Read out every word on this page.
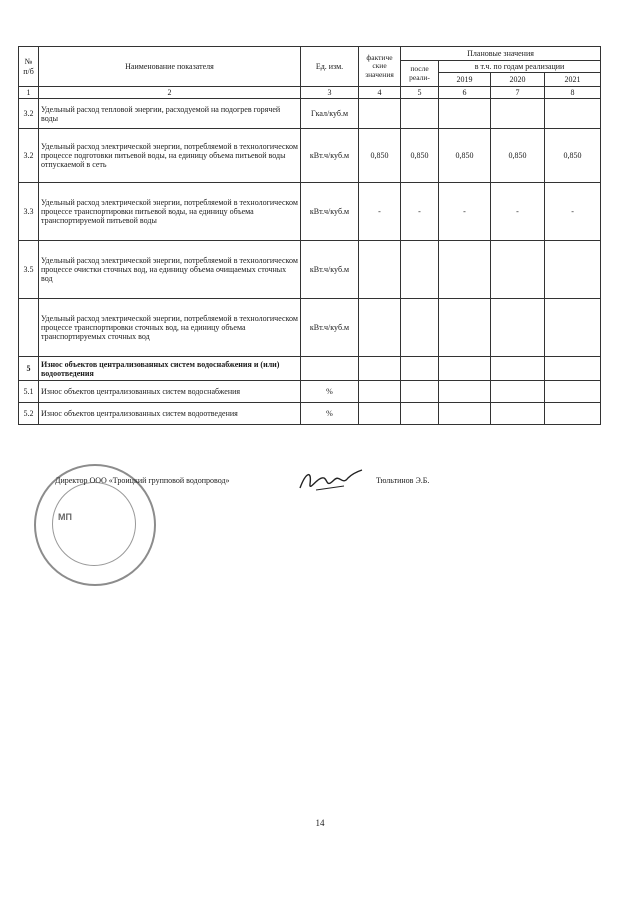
№ п/б	Наименование показателя	Ед. изм.	фактиче ские значения	Плановые значения			
				после реали-	в т.ч. по годам реализации		
					2019	2020	2021
1	2	3	4	5	6	7	8
3.2	Удельный расход тепловой энергии, расходуемой на подогрев горячей воды	Гкал/куб.м					
3.2	Удельный расход электрической энергии, потребляемой в технологическом процессе подготовки питьевой воды, на единицу объема питьевой воды отпускаемой в сеть	кВт.ч/куб.м	0,850	0,850	0,850	0,850	0,850
3.3	Удельный расход электрической энергии, потребляемой в технологическом процессе транспортировки питьевой воды, на единицу объема транспортируемой питьевой воды	кВт.ч/куб.м	-	-	-	-	-
3.5	Удельный расход электрической энергии, потребляемой в технологическом процессе очистки сточных вод, на единицу объема очищаемых сточных вод	кВт.ч/куб.м					
	Удельный расход электрической энергии, потребляемой в технологическом процессе транспортировки сточных вод, на единицу объема транспортируемых сточных вод	кВт.ч/куб.м					
5	Износ объектов централизованных систем водоснабжения и (или) водоотведения						
5.1	Износ объектов централизованных систем водоснабжения	%					
5.2	Износ объектов централизованных систем водоотведения	%					
МП
Директор ООО «Троицкий групповой водопровод»	Тюльтинов Э.Б.
14
